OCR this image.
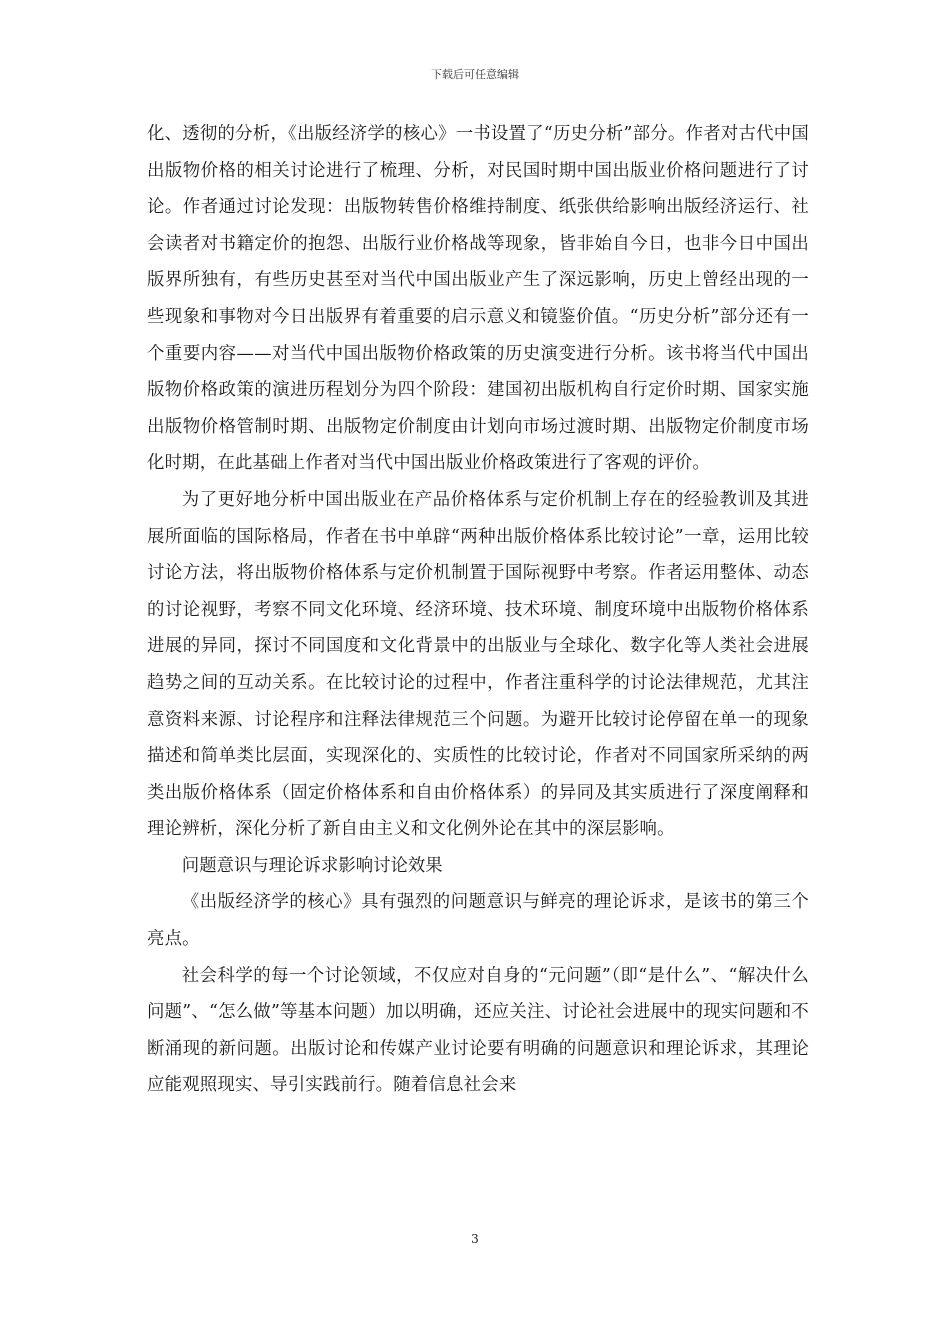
下载后可任意编辑

化、透彻的分析，《出版经济学的核心》一书设置了“历史分析”部分。作者对古代中国出版物价格的相关讨论进行了梳理、分析，对民国时期中国出版业价格问题进行了讨论。作者通过讨论发现：出版物转售价格维持制度、纸张供给影响出版经济运行、社会读者对书籍定价的抱怨、出版行业价格战等现象，皆非始自今日，也非今日中国出版界所独有，有些历史甚至对当代中国出版业产生了深远影响，历史上曾经出现的一些现象和事物对今日出版界有着重要的启示意义和镜鉴价值。“历史分析”部分还有一个重要内容——对当代中国出版物价格政策的历史演变进行分析。该书将当代中国出版物价格政策的演进历程划分为四个阶段：建国初出版机构自行定价时期、国家实施出版物价格管制时期、出版物定价制度由计划向市场过渡时期、出版物定价制度市场化时期，在此基础上作者对当代中国出版业价格政策进行了客观的评价。

为了更好地分析中国出版业在产品价格体系与定价机制上存在的经验教训及其进展所面临的国际格局，作者在书中单辟“两种出版价格体系比较讨论”一章，运用比较讨论方法，将出版物价格体系与定价机制置于国际视野中考察。作者运用整体、动态的讨论视野，考察不同文化环境、经济环境、技术环境、制度环境中出版物价格体系进展的异同，探讨不同国度和文化背景中的出版业与全球化、数字化等人类社会进展趋势之间的互动关系。在比较讨论的过程中，作者注重科学的讨论法律规范，尤其注意资料来源、讨论程序和注释法律规范三个问题。为避开比较讨论停留在单一的现象描述和简单类比层面，实现深化的、实质性的比较讨论，作者对不同国家所采纳的两类出版价格体系（固定价格体系和自由价格体系）的异同及其实质进行了深度阐释和理论辨析，深化分析了新自由主义和文化例外论在其中的深层影响。

问题意识与理论诉求影响讨论效果

《出版经济学的核心》具有强烈的问题意识与鲜亮的理论诉求，是该书的第三个亮点。

社会科学的每一个讨论领域，不仅应对自身的“元问题”（即“是什么”、“解决什么问题”、“怎么做”等基本问题）加以明确，还应关注、讨论社会进展中的现实问题和不断涌现的新问题。出版讨论和传媒产业讨论要有明确的问题意识和理论诉求，其理论应能观照现实、导引实践前行。随着信息社会来

3
